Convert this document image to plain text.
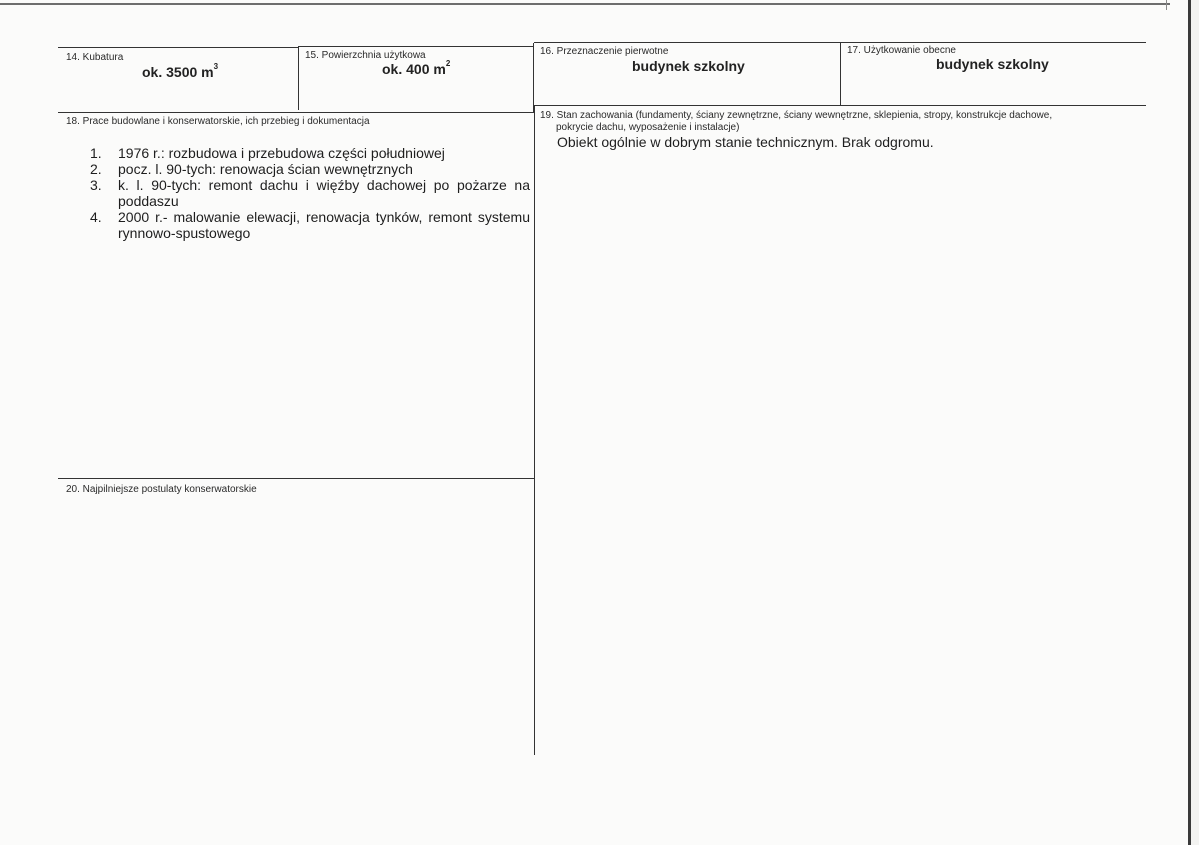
14. Kubatura
ok. 3500 $m^3$
15. Powierzchnia użytkowa
ok. 400 $m^2$
16. Przeznaczenie pierwotne
budynek szkolny
17. Użytkowanie obecne
budynek szkolny
18. Prace budowlane i konserwatorskie, ich przebieg i dokumentacja
1. 1976 r.: rozbudowa i przebudowa części południowej
2. pocz. l. 90-tych: renowacja ścian wewnętrznych
3. k. l. 90-tych: remont dachu i więźby dachowej po pożarze na poddaszu
4. 2000 r.- malowanie elewacji, renowacja tynków, remont systemu rynnowo-spustowego
19. Stan zachowania (fundamenty, ściany zewnętrzne, ściany wewnętrzne, sklepienia, stropy, konstrukcje dachowe,
pokrycie dachu, wyposażenie i instalacje)
Obiekt ogólnie w dobrym stanie technicznym. Brak odgromu.
20. Najpilniejsze postulaty konserwatorskie
